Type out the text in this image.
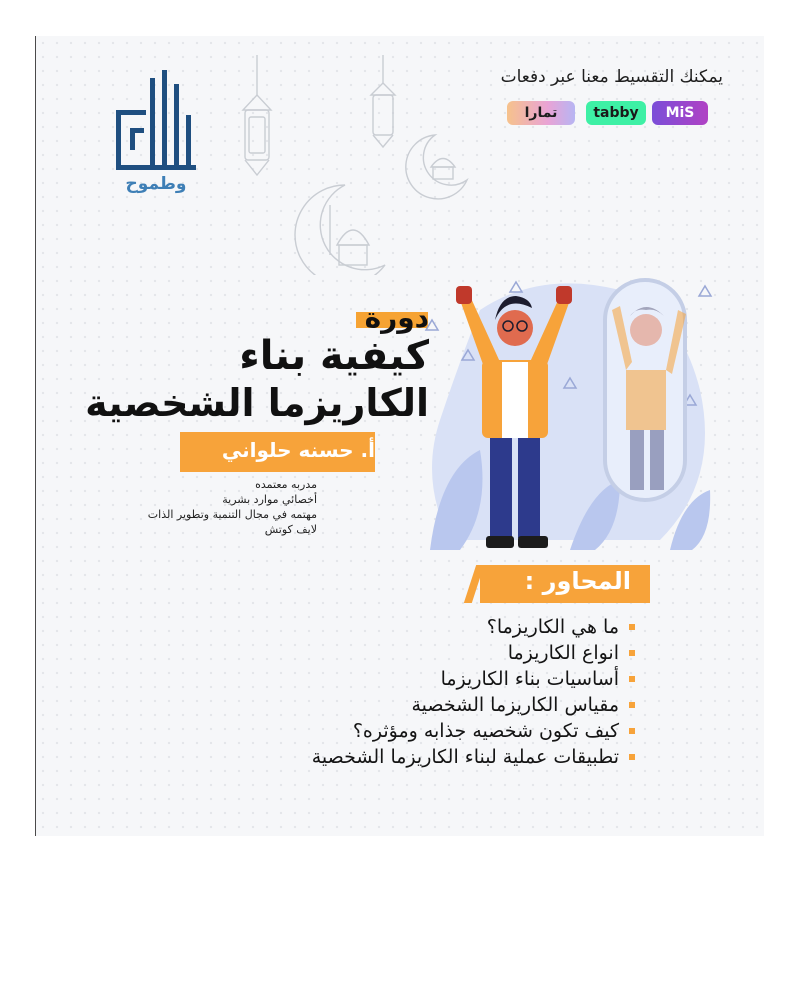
يمكنك التقسيط معنا عبر دفعات
MiS
tabby
تمارا
وطموح
دورة
كيفية بناء
الكاريزما الشخصية
أ. حسنه حلواني
مدربه معتمده
أخصائي موارد بشرية
مهتمه في مجال التنمية وتطوير الذات
لايف كوتش
المحاور :
ما هي الكاريزما؟
انواع الكاريزما
أساسيات بناء الكاريزما
مقياس الكاريزما الشخصية
كيف تكون شخصيه جذابه ومؤثره؟
تطبيقات عملية لبناء الكاريزما الشخصية
